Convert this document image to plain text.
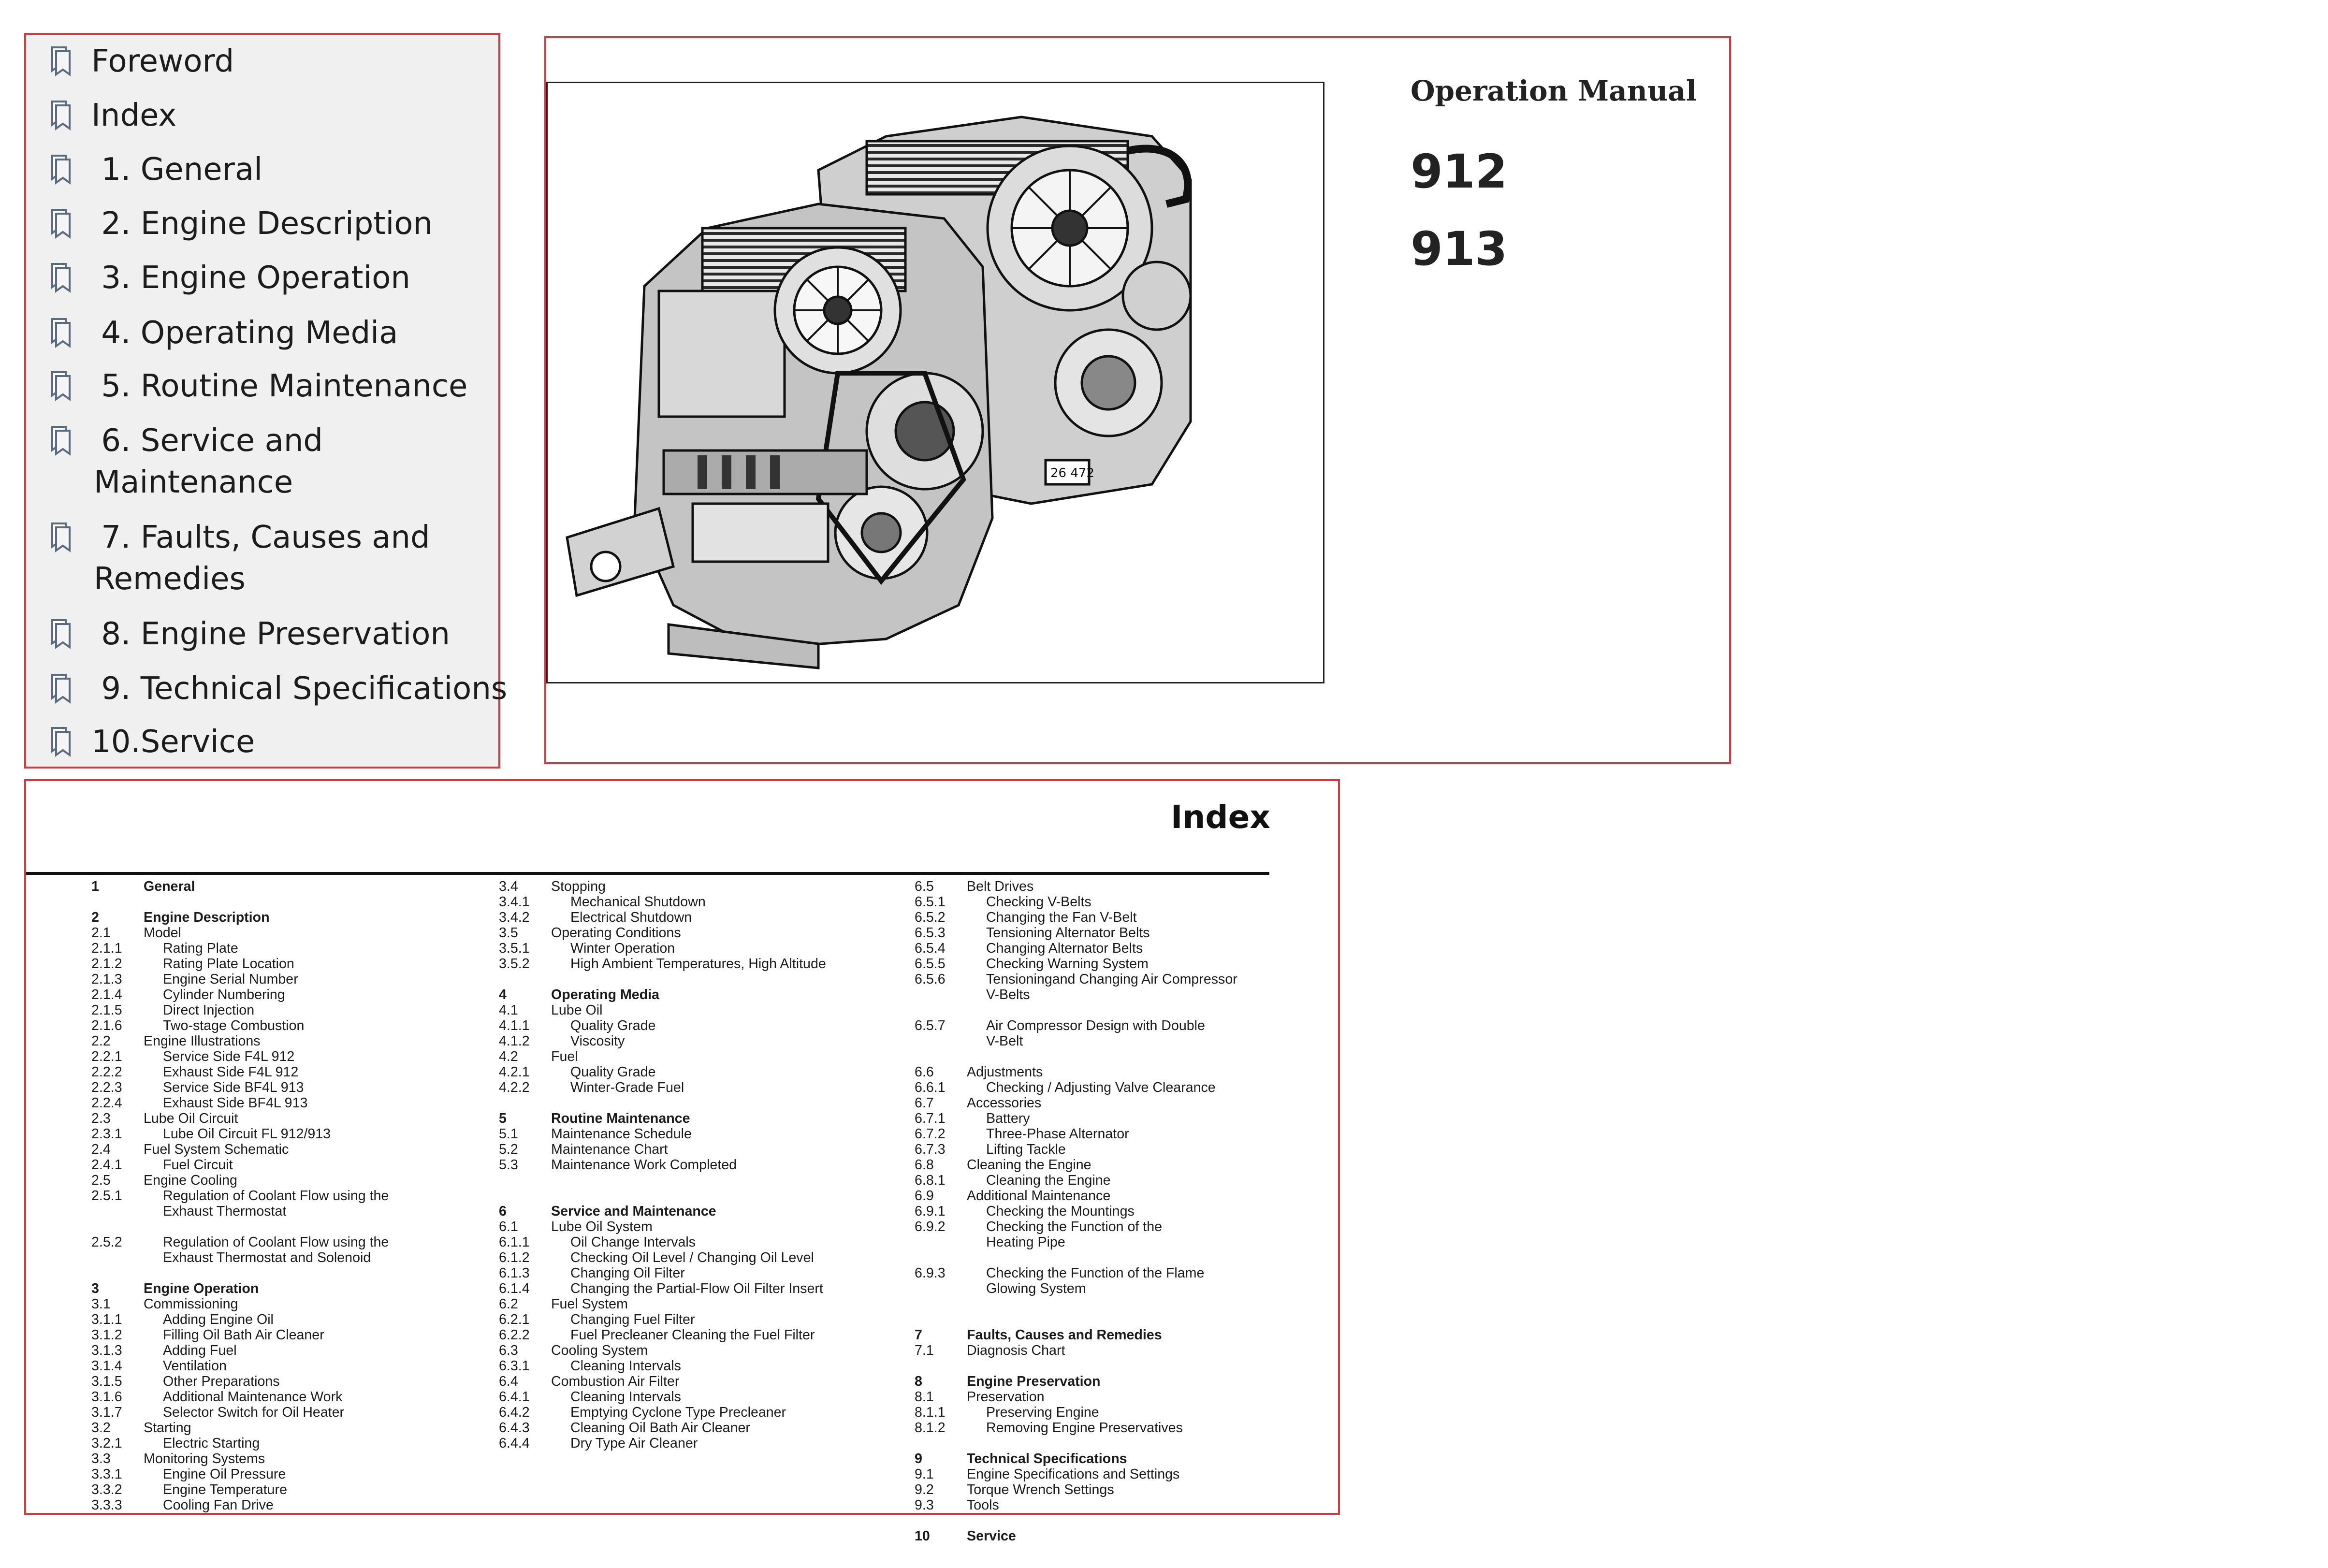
Foreword
Index
1. General
2. Engine Description
3. Engine Operation
4. Operating Media
5. Routine Maintenance
6. Service and
Maintenance
7. Faults, Causes and
Remedies
8. Engine Preservation
9. Technical Specifications
10.Service
26 472
Operation Manual
912
913
Index
1	General
2	Engine Description
2.1 Model
2.1.1	Rating Plate
2.1.2	Rating Plate Location
2.1.3	Engine Serial Number
2.1.4	Cylinder Numbering
2.1.5	Direct Injection
2.1.6	Two-stage Combustion
2.2 Engine Illustrations
2.2.1	Service Side F4L 912
2.2.2	Exhaust Side F4L 912
2.2.3	Service Side BF4L 913
2.2.4	Exhaust Side BF4L 913
2.3 Lube Oil Circuit
2.3.1	Lube Oil Circuit FL 912/913
2.4 Fuel System Schematic
2.4.1	Fuel Circuit
2.5 Engine Cooling
2.5.1	Regulation of Coolant Flow using the
Exhaust Thermostat
2.5.2	Regulation of Coolant Flow using the
Exhaust Thermostat and Solenoid
3	Engine Operation
3.1 Commissioning
3.1.1	Adding Engine Oil
3.1.2	Filling Oil Bath Air Cleaner
3.1.3	Adding Fuel
3.1.4	Ventilation
3.1.5	Other Preparations
3.1.6	Additional Maintenance Work
3.1.7	Selector Switch for Oil Heater
3.2 Starting
3.2.1	Electric Starting
3.3 Monitoring Systems
3.3.1	Engine Oil Pressure
3.3.2	Engine Temperature
3.3.3	Cooling Fan Drive
3.4 Stopping
3.4.1	Mechanical Shutdown
3.4.2	Electrical Shutdown
3.5 Operating Conditions
3.5.1	Winter Operation
3.5.2	High Ambient Temperatures, High Altitude
4	Operating Media
4.1 Lube Oil
4.1.1	Quality Grade
4.1.2	Viscosity
4.2 Fuel
4.2.1	Quality Grade
4.2.2	Winter-Grade Fuel
5	Routine Maintenance
5.1 Maintenance Schedule
5.2 Maintenance Chart
5.3 Maintenance Work Completed
6	Service and Maintenance
6.1 Lube Oil System
6.1.1	Oil Change Intervals
6.1.2	Checking Oil Level / Changing Oil Level
6.1.3	Changing Oil Filter
6.1.4	Changing the Partial-Flow Oil Filter Insert
6.2 Fuel System
6.2.1	Changing Fuel Filter
6.2.2	Fuel Precleaner Cleaning the Fuel Filter
6.3 Cooling System
6.3.1	Cleaning Intervals
6.4 Combustion Air Filter
6.4.1	Cleaning Intervals
6.4.2	Emptying Cyclone Type Precleaner
6.4.3	Cleaning Oil Bath Air Cleaner
6.4.4	Dry Type Air Cleaner
6.5 Belt Drives
6.5.1	Checking V-Belts
6.5.2	Changing the Fan V-Belt
6.5.3	Tensioning Alternator Belts
6.5.4	Changing Alternator Belts
6.5.5	Checking Warning System
6.5.6	Tensioningand Changing Air Compressor
V-Belts
6.5.7	Air Compressor Design with Double
V-Belt
6.6 Adjustments
6.6.1	Checking / Adjusting Valve Clearance
6.7 Accessories
6.7.1	Battery
6.7.2	Three-Phase Alternator
6.7.3	Lifting Tackle
6.8 Cleaning the Engine
6.8.1	Cleaning the Engine
6.9 Additional Maintenance
6.9.1	Checking the Mountings
6.9.2	Checking the Function of the
Heating Pipe
6.9.3	Checking the Function of the Flame
Glowing System
7	Faults, Causes and Remedies
7.1 Diagnosis Chart
8	Engine Preservation
8.1 Preservation
8.1.1	Preserving Engine
8.1.2	Removing Engine Preservatives
9	Technical Specifications
9.1 Engine Specifications and Settings
9.2 Torque Wrench Settings
9.3 Tools
10	Service
